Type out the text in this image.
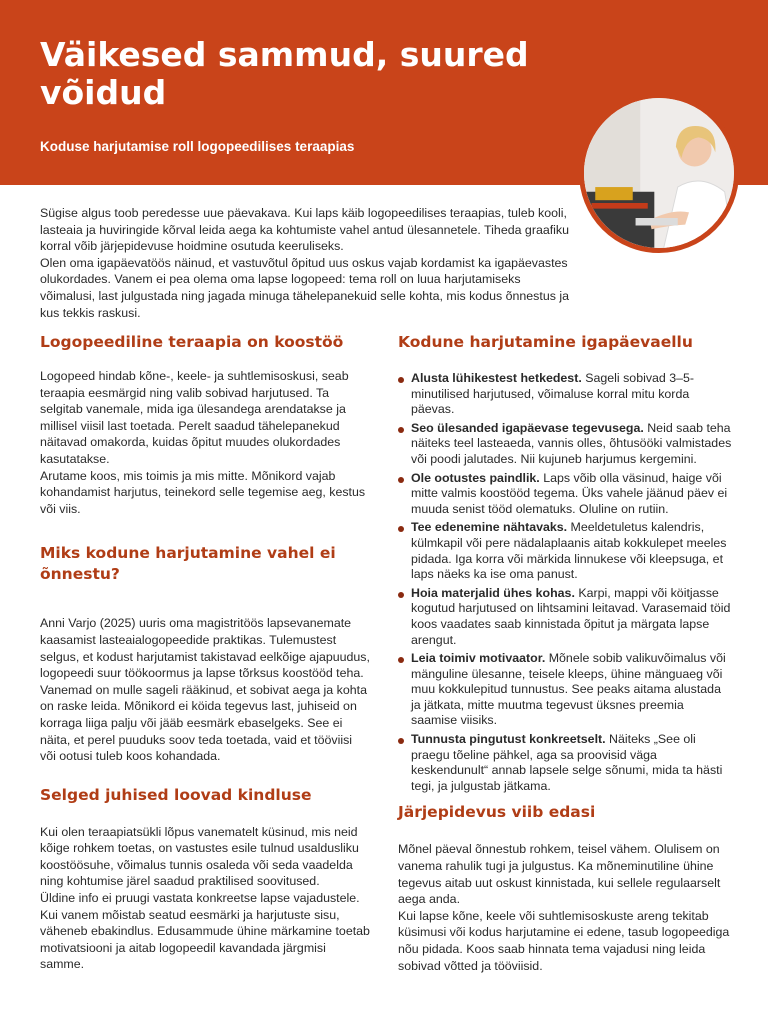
Väikesed sammud, suured võidud

Koduse harjutamise roll logopeedilises teraapias

Sügise algus toob peredesse uue päevakava. Kui laps käib logopeedilises teraapias, tuleb kooli, lasteaia ja huviringide kõrval leida aega ka kohtumiste vahel antud ülesannetele. Tiheda graafiku korral võib järjepidevuse hoidmine osutuda keeruliseks.

Olen oma igapäevatöös näinud, et vastuvõtul õpitud uus oskus vajab kordamist ka igapäevastes olukordades. Vanem ei pea olema oma lapse logopeed: tema roll on luua harjutamiseks võimalusi, last julgustada ning jagada minuga tähelepanekuid selle kohta, mis kodus õnnestus ja kus tekkis raskusi.

Logopeediline teraapia on koostöö

Logopeed hindab kõne-, keele- ja suhtlemisoskusi, seab teraapia eesmärgid ning valib sobivad harjutused. Ta selgitab vanemale, mida iga ülesandega arendatakse ja millisel viisil last toetada. Perelt saadud tähelepanekud näitavad omakorda, kuidas õpitut muudes olukordades kasutatakse.

Arutame koos, mis toimis ja mis mitte. Mõnikord vajab kohandamist harjutus, teinekord selle tegemise aeg, kestus või viis.

Miks kodune harjutamine vahel ei õnnestu?

Anni Varjo (2025) uuris oma magistritöös lapsevanemate kaasamist lasteaialogopeedide praktikas. Tulemustest selgus, et kodust harjutamist takistavad eelkõige ajapuudus, logopeedi suur töökoormus ja lapse tõrksus koostööd teha.

Vanemad on mulle sageli rääkinud, et sobivat aega ja kohta on raske leida. Mõnikord ei köida tegevus last, juhiseid on korraga liiga palju või jääb eesmärk ebaselgeks. See ei näita, et perel puuduks soov teda toetada, vaid et tööviisi või ootusi tuleb koos kohandada.

Selged juhised loovad kindluse

Kui olen teraapiatsükli lõpus vanematelt küsinud, mis neid kõige rohkem toetas, on vastustes esile tulnud usaldusliku koostöösuhe, võimalus tunnis osaleda või seda vaadelda ning kohtumise järel saadud praktilised soovitused.

Üldine info ei pruugi vastata konkreetse lapse vajadustele. Kui vanem mõistab seatud eesmärki ja harjutuste sisu, väheneb ebakindlus. Edusammude ühine märkamine toetab motivatsiooni ja aitab logopeedil kavandada järgmisi samme.

Kodune harjutamine igapäevaellu
Alusta lühikestest hetkedest. Sageli sobivad 3–5-minutilised harjutused, võimaluse korral mitu korda päevas.
Seo ülesanded igapäevase tegevusega. Neid saab teha näiteks teel lasteaeda, vannis olles, õhtusööki valmistades või poodi jalutades. Nii kujuneb harjumus kergemini.
Ole ootustes paindlik. Laps võib olla väsinud, haige või mitte valmis koostööd tegema. Üks vahele jäänud päev ei muuda senist tööd olematuks. Oluline on rutiin.
Tee edenemine nähtavaks. Meeldetuletus kalendris, külmkapil või pere nädalaplaanis aitab kokkulepet meeles pidada. Iga korra või märkida linnukese või kleepsuga, et laps näeks ka ise oma panust.
Hoia materjalid ühes kohas. Karpi, mappi või köitjasse kogutud harjutused on lihtsamini leitavad. Varasemaid töid koos vaadates saab kinnistada õpitut ja märgata lapse arengut.
Leia toimiv motivaator. Mõnele sobib valikuvõimalus või mänguline ülesanne, teisele kleeps, ühine mänguaeg või muu kokkulepitud tunnustus. See peaks aitama alustada ja jätkata, mitte muutma tegevust üksnes preemia saamise viisiks.
Tunnusta pingutust konkreetselt. Näiteks „See oli praegu tõeline pähkel, aga sa proovisid väga keskendunult“ annab lapsele selge sõnumi, mida ta hästi tegi, ja julgustab jätkama.
Järjepidevus viib edasi

Mõnel päeval õnnestub rohkem, teisel vähem. Olulisem on vanema rahulik tugi ja julgustus. Ka mõneminutiline ühine tegevus aitab uut oskust kinnistada, kui sellele regulaarselt aega anda.

Kui lapse kõne, keele või suhtlemisoskuste areng tekitab küsimusi või kodus harjutamine ei edene, tasub logopeediga nõu pidada. Koos saab hinnata tema vajadusi ning leida sobivad võtted ja tööviisid.
